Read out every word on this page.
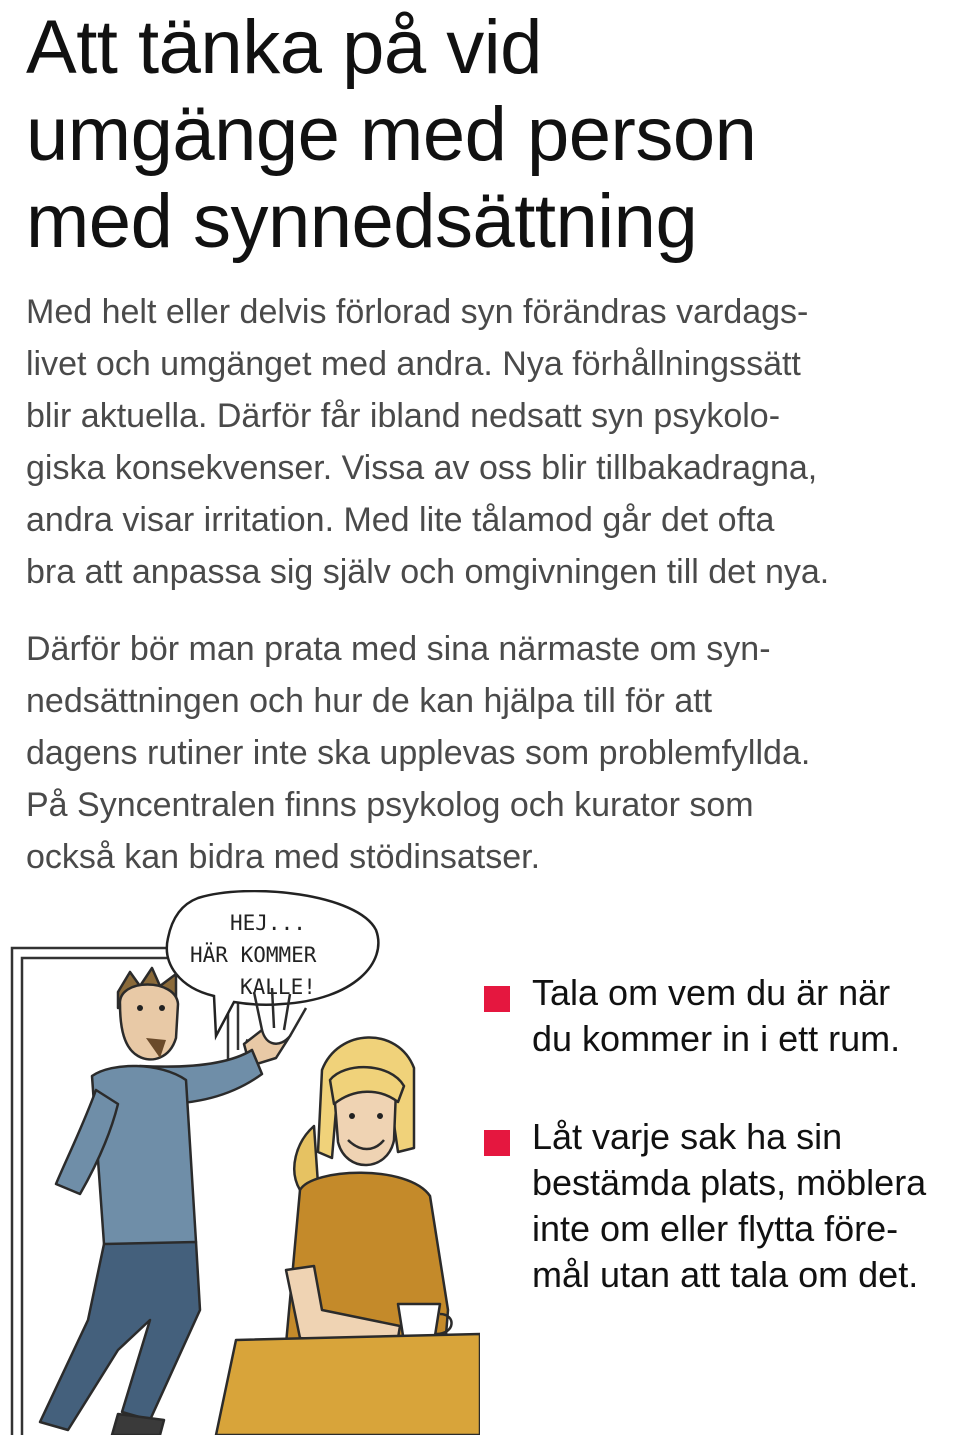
Att tänka på vid
umgänge med person
med synnedsättning

Med helt eller delvis förlorad syn förändras vardags-
livet och umgänget med andra. Nya förhållningssätt
blir aktuella. Därför får ibland nedsatt syn psykolo-
giska konsekvenser. Vissa av oss blir tillbakadragna,
andra visar irritation. Med lite tålamod går det ofta
bra att anpassa sig själv och omgivningen till det nya.

Därför bör man prata med sina närmaste om syn-
nedsättningen och hur de kan hjälpa till för att
dagens rutiner inte ska upplevas som problemfyllda.
På Syncentralen finns psykolog och kurator som
också kan bidra med stödinsatser.

HEJ...
HÄR KOMMER
KALLE!	Tala om vem du är när
du kommer in i ett rum.
Låt varje sak ha sin
bestämda plats, möblera
inte om eller flytta före-
mål utan att tala om det.
